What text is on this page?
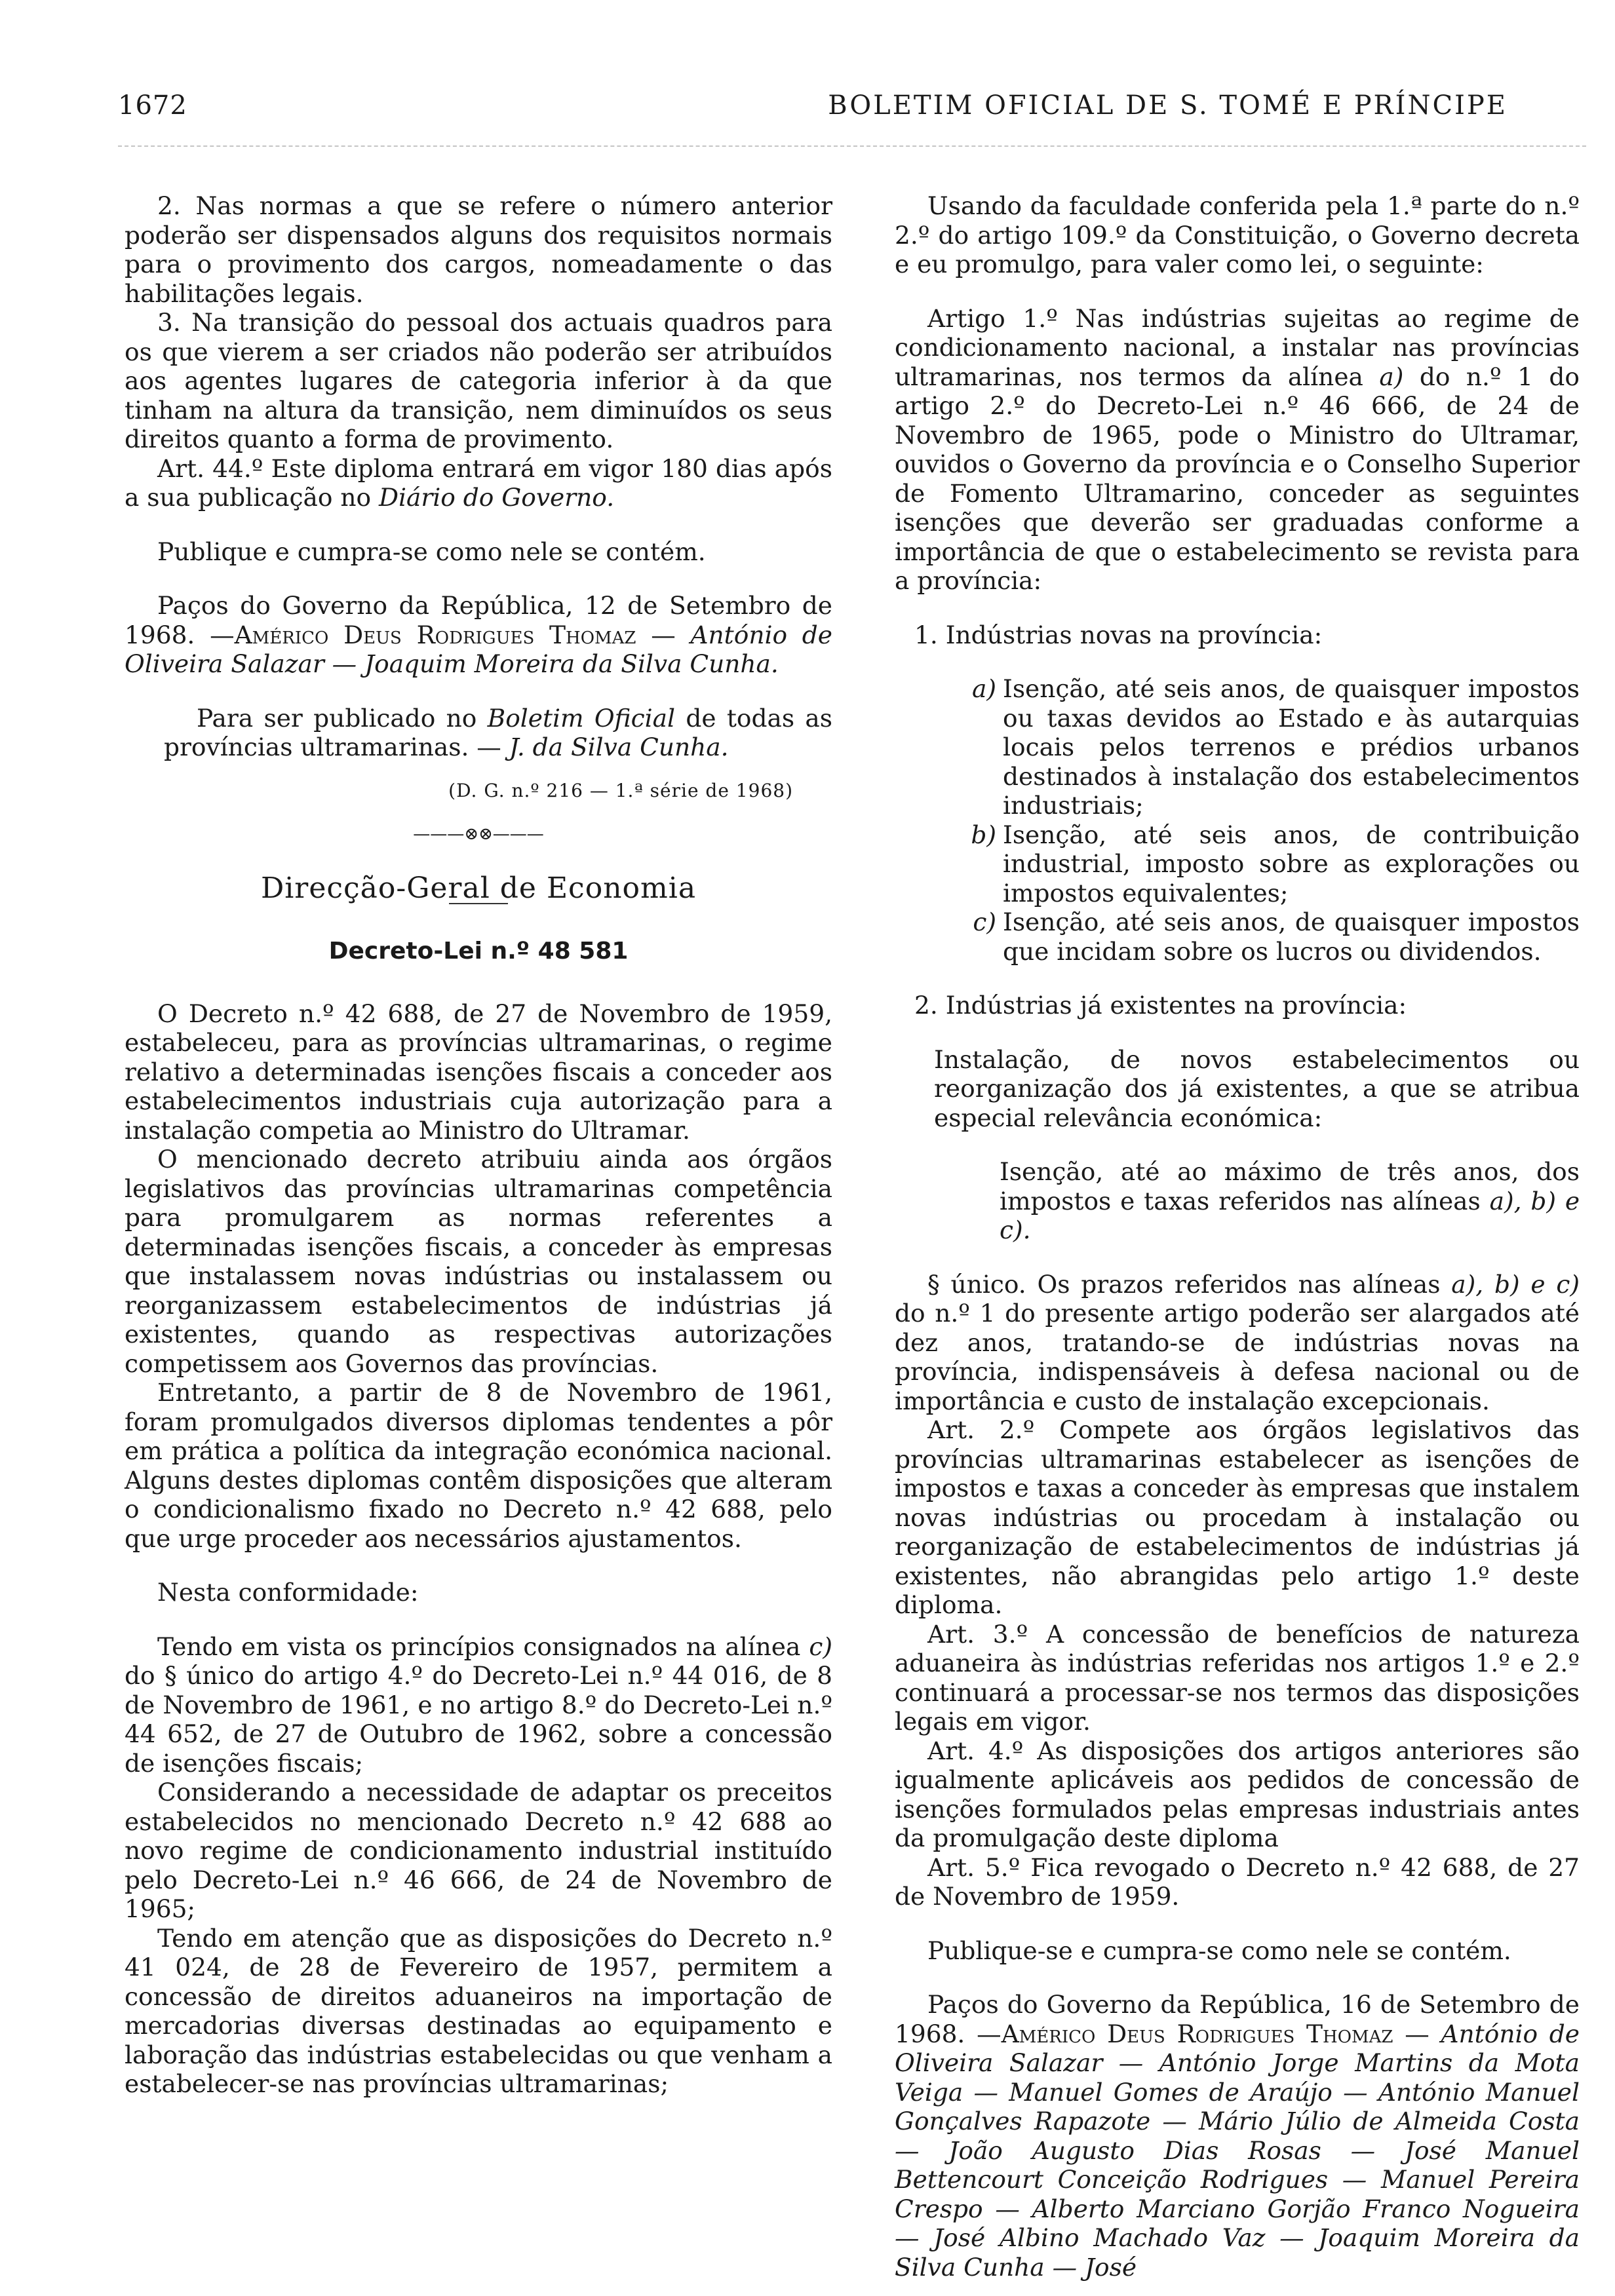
1672	BOLETIM OFICIAL DE S. TOMÉ E PRÍNCIPE

2. Nas normas a que se refere o número anterior poderão ser dispensados alguns dos requisitos normais para o provimento dos cargos, nomeadamente o das habilitações legais.

3. Na transição do pessoal dos actuais quadros para os que vierem a ser criados não poderão ser atribuídos aos agentes lugares de categoria inferior à da que tinham na altura da transição, nem diminuídos os seus direitos quanto a forma de provimento.

Art. 44.º Este diploma entrará em vigor 180 dias após a sua publicação no Diário do Governo.

Publique e cumpra-se como nele se contém.

Paços do Governo da República, 12 de Setembro de 1968. —Américo Deus Rodrigues Thomaz — António de Oliveira Salazar — Joaquim Moreira da Silva Cunha.

Para ser publicado no Boletim Oficial de todas as províncias ultramarinas. — J. da Silva Cunha.

(D. G. n.º 216 — 1.ª série de 1968)

———⊗⊗———

Direcção-Geral de Economia

Decreto-Lei n.º 48 581

O Decreto n.º 42 688, de 27 de Novembro de 1959, estabeleceu, para as províncias ultramarinas, o regime relativo a determinadas isenções fiscais a conceder aos estabelecimentos industriais cuja autorização para a instalação competia ao Ministro do Ultramar.

O mencionado decreto atribuiu ainda aos órgãos legislativos das províncias ultramarinas competência para promulgarem as normas referentes a determinadas isenções fiscais, a conceder às empresas que instalassem novas indústrias ou instalassem ou reorganizassem estabelecimentos de indústrias já existentes, quando as respectivas autorizações competissem aos Governos das províncias.

Entretanto, a partir de 8 de Novembro de 1961, foram promulgados diversos diplomas tendentes a pôr em prática a política da integração económica nacional. Alguns destes diplomas contêm disposições que alteram o condicionalismo fixado no Decreto n.º 42 688, pelo que urge proceder aos necessários ajustamentos.

Nesta conformidade:

Tendo em vista os princípios consignados na alínea c) do § único do artigo 4.º do Decreto-Lei n.º 44 016, de 8 de Novembro de 1961, e no artigo 8.º do Decreto-Lei n.º 44 652, de 27 de Outubro de 1962, sobre a concessão de isenções fiscais;

Considerando a necessidade de adaptar os preceitos estabelecidos no mencionado Decreto n.º 42 688 ao novo regime de condicionamento industrial instituído pelo Decreto-Lei n.º 46 666, de 24 de Novembro de 1965;

Tendo em atenção que as disposições do Decreto n.º 41 024, de 28 de Fevereiro de 1957, permitem a concessão de direitos aduaneiros na importação de mercadorias diversas destinadas ao equipamento e laboração das indústrias estabelecidas ou que venham a estabelecer-se nas províncias ultramarinas;

Usando da faculdade conferida pela 1.ª parte do n.º 2.º do artigo 109.º da Constituição, o Governo decreta e eu promulgo, para valer como lei, o seguinte:

Artigo 1.º Nas indústrias sujeitas ao regime de condicionamento nacional, a instalar nas províncias ultramarinas, nos termos da alínea a) do n.º 1 do artigo 2.º do Decreto-Lei n.º 46 666, de 24 de Novembro de 1965, pode o Ministro do Ultramar, ouvidos o Governo da província e o Conselho Superior de Fomento Ultramarino, conceder as seguintes isenções que deverão ser graduadas conforme a importância de que o estabelecimento se revista para a província:

1. Indústrias novas na província:

a) Isenção, até seis anos, de quaisquer impostos ou taxas devidos ao Estado e às autarquias locais pelos terrenos e prédios urbanos destinados à instalação dos estabelecimentos industriais;

b) Isenção, até seis anos, de contribuição industrial, imposto sobre as explorações ou impostos equivalentes;

c) Isenção, até seis anos, de quaisquer impostos que incidam sobre os lucros ou dividendos.

2. Indústrias já existentes na província:

Instalação, de novos estabelecimentos ou reorganização dos já existentes, a que se atribua especial relevância económica:

Isenção, até ao máximo de três anos, dos impostos e taxas referidos nas alíneas a), b) e c).

§ único. Os prazos referidos nas alíneas a), b) e c) do n.º 1 do presente artigo poderão ser alargados até dez anos, tratando-se de indústrias novas na província, indispensáveis à defesa nacional ou de importância e custo de instalação excepcionais.

Art. 2.º Compete aos órgãos legislativos das províncias ultramarinas estabelecer as isenções de impostos e taxas a conceder às empresas que instalem novas indústrias ou procedam à instalação ou reorganização de estabelecimentos de indústrias já existentes, não abrangidas pelo artigo 1.º deste diploma.

Art. 3.º A concessão de benefícios de natureza aduaneira às indústrias referidas nos artigos 1.º e 2.º continuará a processar-se nos termos das disposições legais em vigor.

Art. 4.º As disposições dos artigos anteriores são igualmente aplicáveis aos pedidos de concessão de isenções formulados pelas empresas industriais antes da promulgação deste diploma

Art. 5.º Fica revogado o Decreto n.º 42 688, de 27 de Novembro de 1959.

Publique-se e cumpra-se como nele se contém.

Paços do Governo da República, 16 de Setembro de 1968. —Américo Deus Rodrigues Thomaz — António de Oliveira Salazar — António Jorge Martins da Mota Veiga — Manuel Gomes de Araújo — António Manuel Gonçalves Rapazote — Mário Júlio de Almeida Costa — João Augusto Dias Rosas — José Manuel Bettencourt Conceição Rodrigues — Manuel Pereira Crespo — Alberto Marciano Gorjão Franco Nogueira — José Albino Machado Vaz — Joaquim Moreira da Silva Cunha — José
